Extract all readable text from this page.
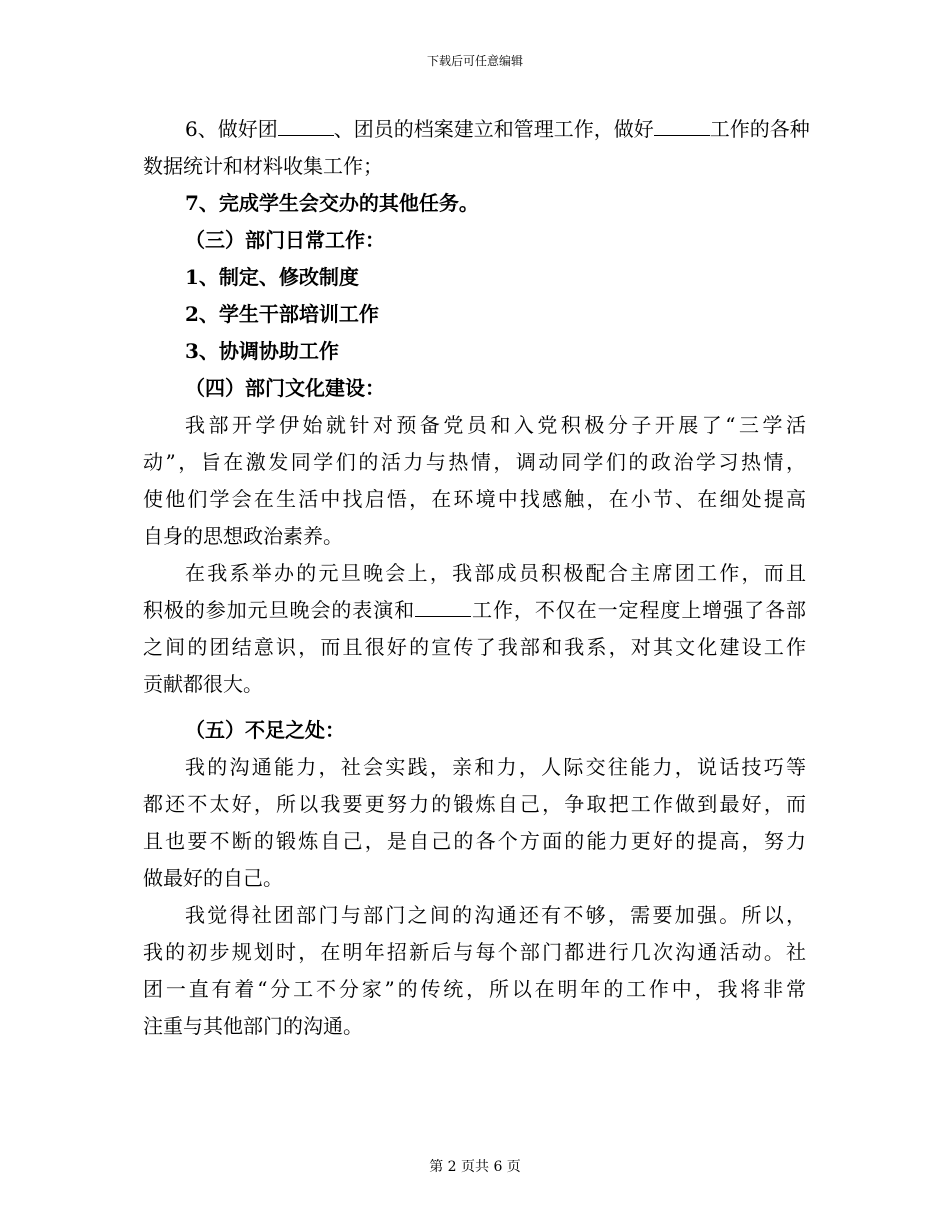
下载后可任意编辑
6、做好团	、团员的档案建立和管理工作，做好	工作的各种
数据统计和材料收集工作；
7、完成学生会交办的其他任务。
（三）部门日常工作：
1、制定、修改制度
2、学生干部培训工作
3、协调协助工作
（四）部门文化建设：
我部开学伊始就针对预备党员和入党积极分子开展了“三学活
动”，旨在激发同学们的活力与热情，调动同学们的政治学习热情，
使他们学会在生活中找启悟，在环境中找感触，在小节、在细处提高
自身的思想政治素养。
在我系举办的元旦晚会上，我部成员积极配合主席团工作，而且
积极的参加元旦晚会的表演和	工作，不仅在一定程度上增强了各部
之间的团结意识，而且很好的宣传了我部和我系，对其文化建设工作
贡献都很大。
（五）不足之处：
我的沟通能力，社会实践，亲和力，人际交往能力，说话技巧等
都还不太好，所以我要更努力的锻炼自己，争取把工作做到最好，而
且也要不断的锻炼自己，是自己的各个方面的能力更好的提高，努力
做最好的自己。
我觉得社团部门与部门之间的沟通还有不够，需要加强。所以，
我的初步规划时，在明年招新后与每个部门都进行几次沟通活动。社
团一直有着“分工不分家”的传统，所以在明年的工作中，我将非常
注重与其他部门的沟通。
第 2 页共 6 页
